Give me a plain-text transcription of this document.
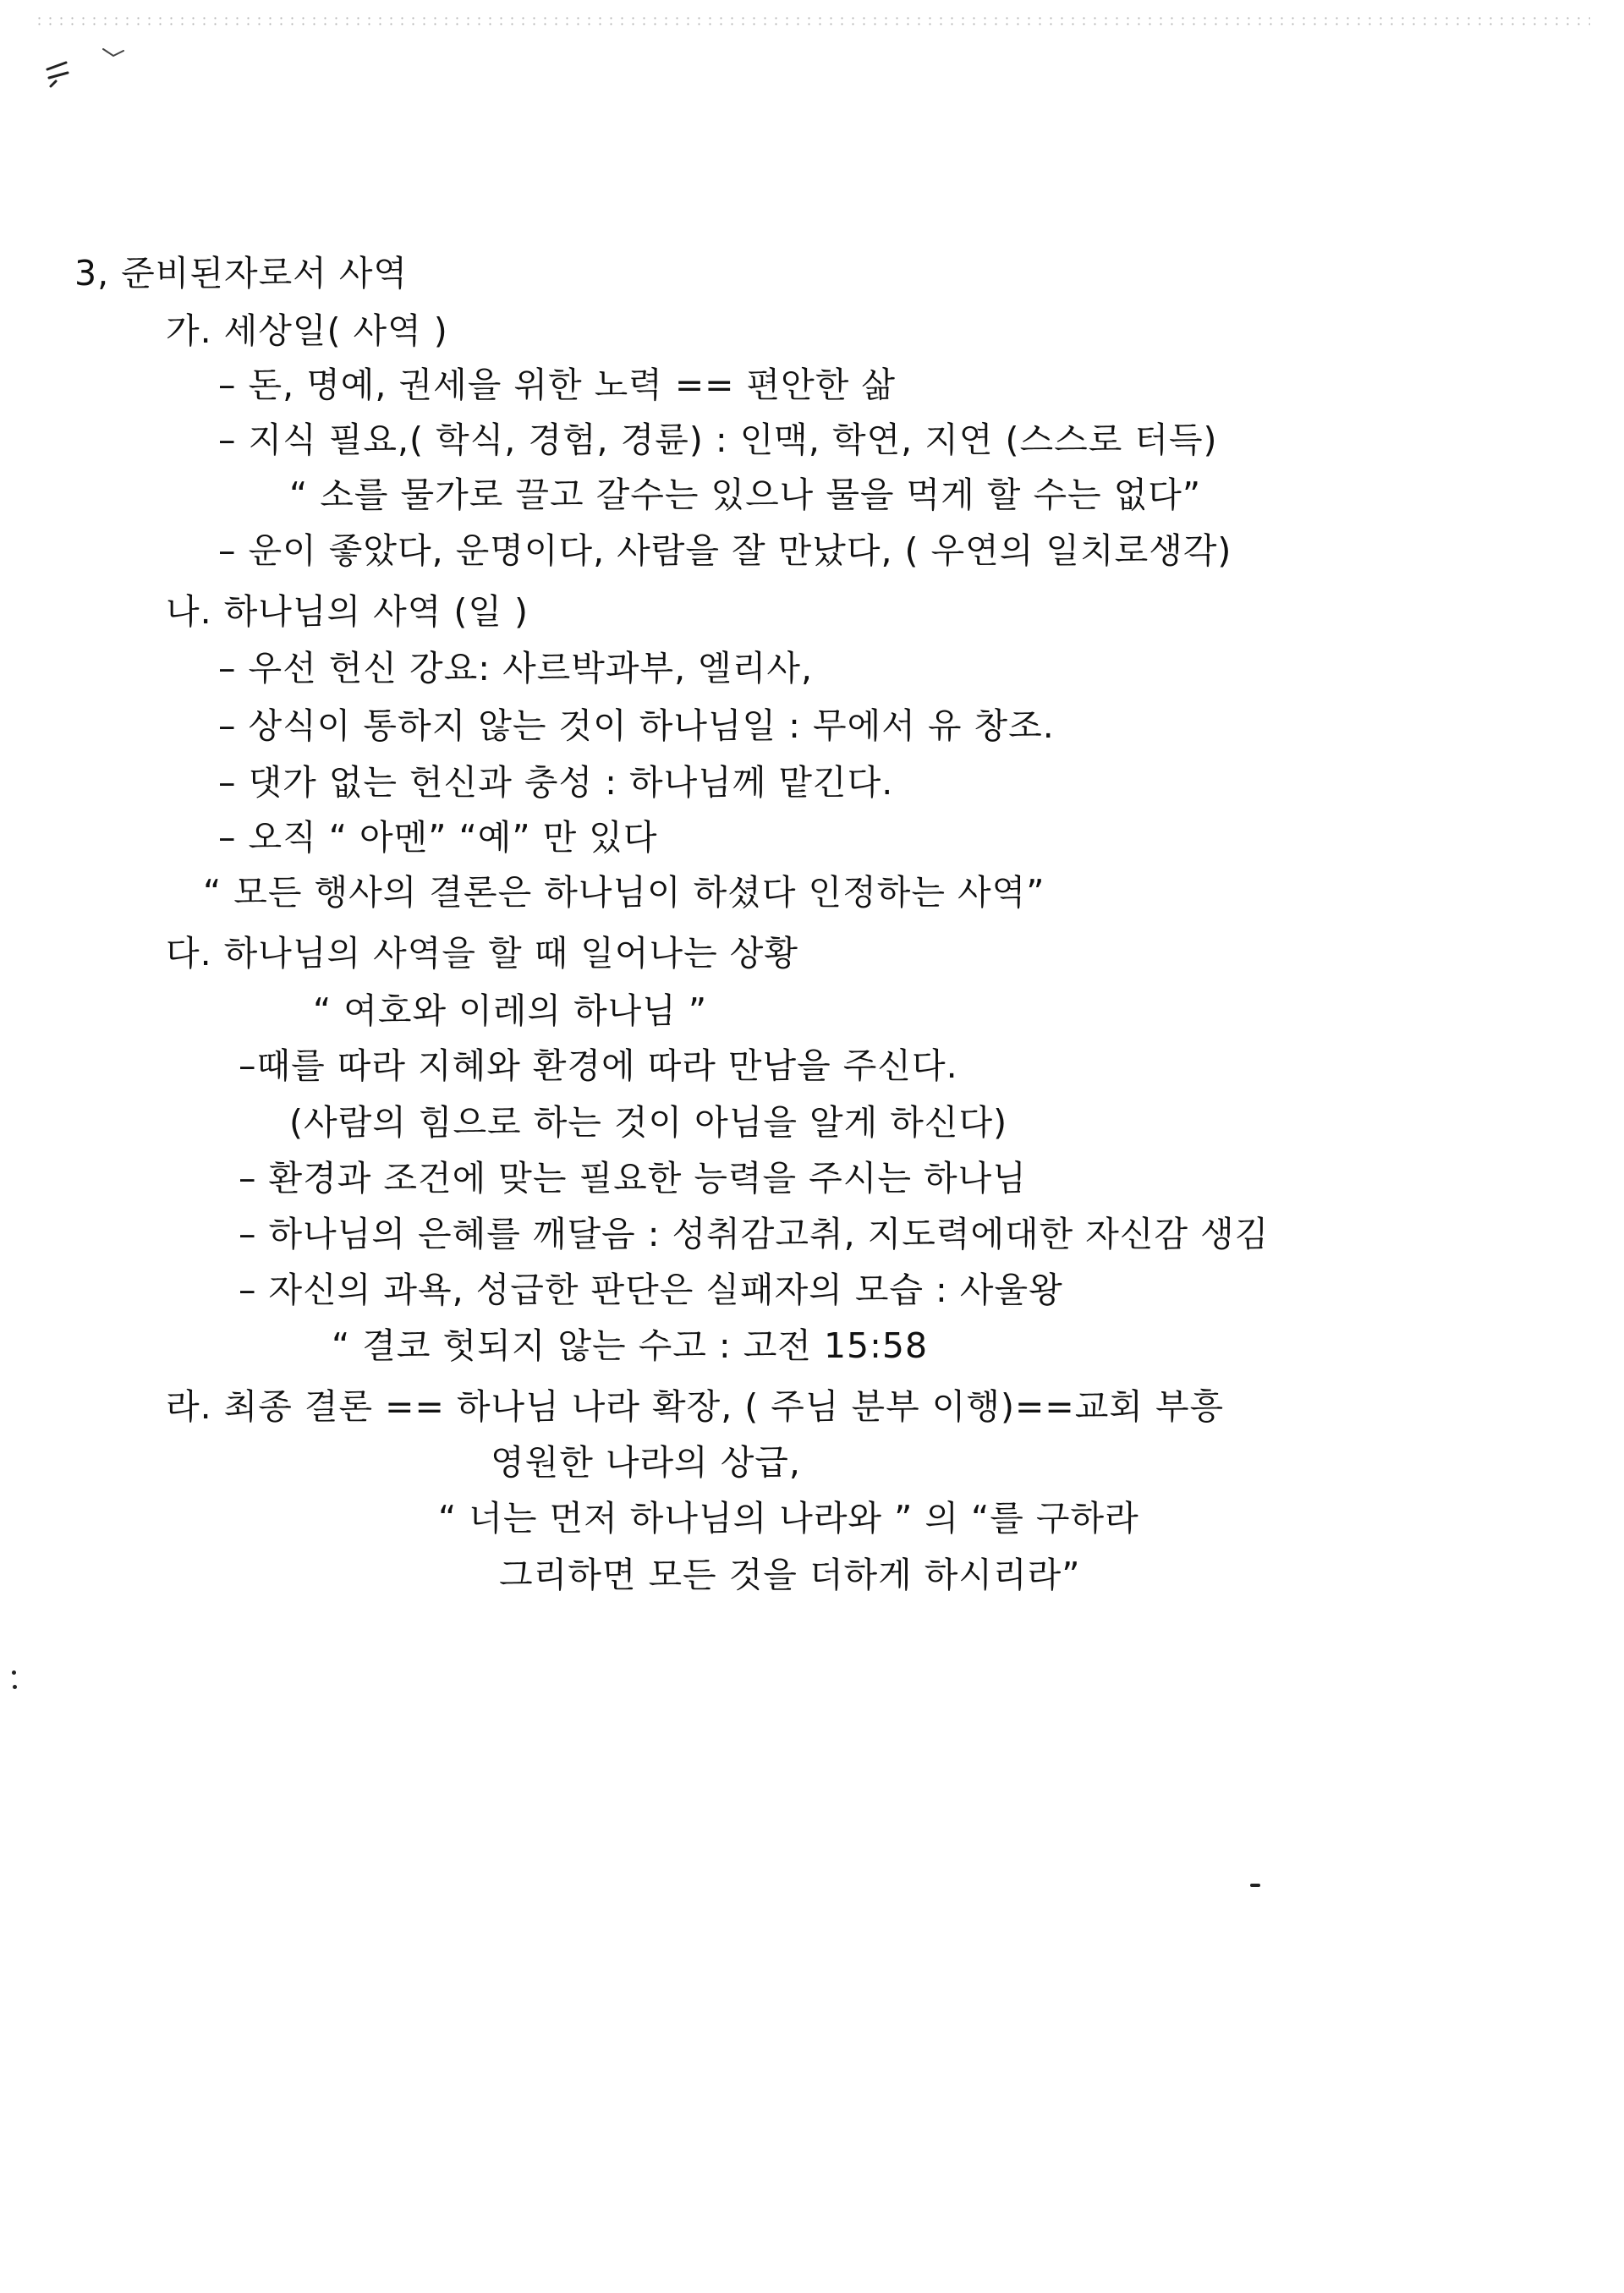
3, 준비된자로서 사역
가. 세상일( 사역 )
– 돈, 명예, 권세을 위한 노력 == 편안한 삶
– 지식 필요,( 학식, 경험, 경륜) : 인맥, 학연, 지연 (스스로 터득)
“ 소를 물가로 끌고 갈수는 있으나 물을 먹게 할 수는 없다”
– 운이 좋았다, 운명이다, 사람을 잘 만났다, ( 우연의 일치로생각)
나. 하나님의 사역 (일 )
– 우선 헌신 강요: 사르박과부, 엘리사,
– 상식이 통하지 않는 것이 하나님일 : 무에서 유 창조.
– 댓가 없는 헌신과 충성 : 하나님께 맡긴다.
– 오직 “ 아멘” “예” 만 있다
“ 모든 행사의 결론은 하나님이 하셨다 인정하는 사역”
다. 하나님의 사역을 할 때 일어나는 상황
“ 여호와 이레의 하나님 ”
–때를 따라 지혜와 환경에 따라 만남을 주신다.
(사람의 힘으로 하는 것이 아님을 알게 하신다)
– 환경과 조건에 맞는 필요한 능력을 주시는 하나님
– 하나님의 은혜를 깨달음 : 성취감고취, 지도력에대한 자신감 생김
– 자신의 과욕, 성급한 판단은 실패자의 모습 : 사울왕
“ 결코 헛되지 않는 수고 : 고전 15:58
라. 최종 결론 == 하나님 나라 확장, ( 주님 분부 이행)==교회 부흥
영원한 나라의 상급,
“ 너는 먼저 하나님의 나라와 ” 의 “를 구하라
그리하면 모든 것을 더하게 하시리라”
